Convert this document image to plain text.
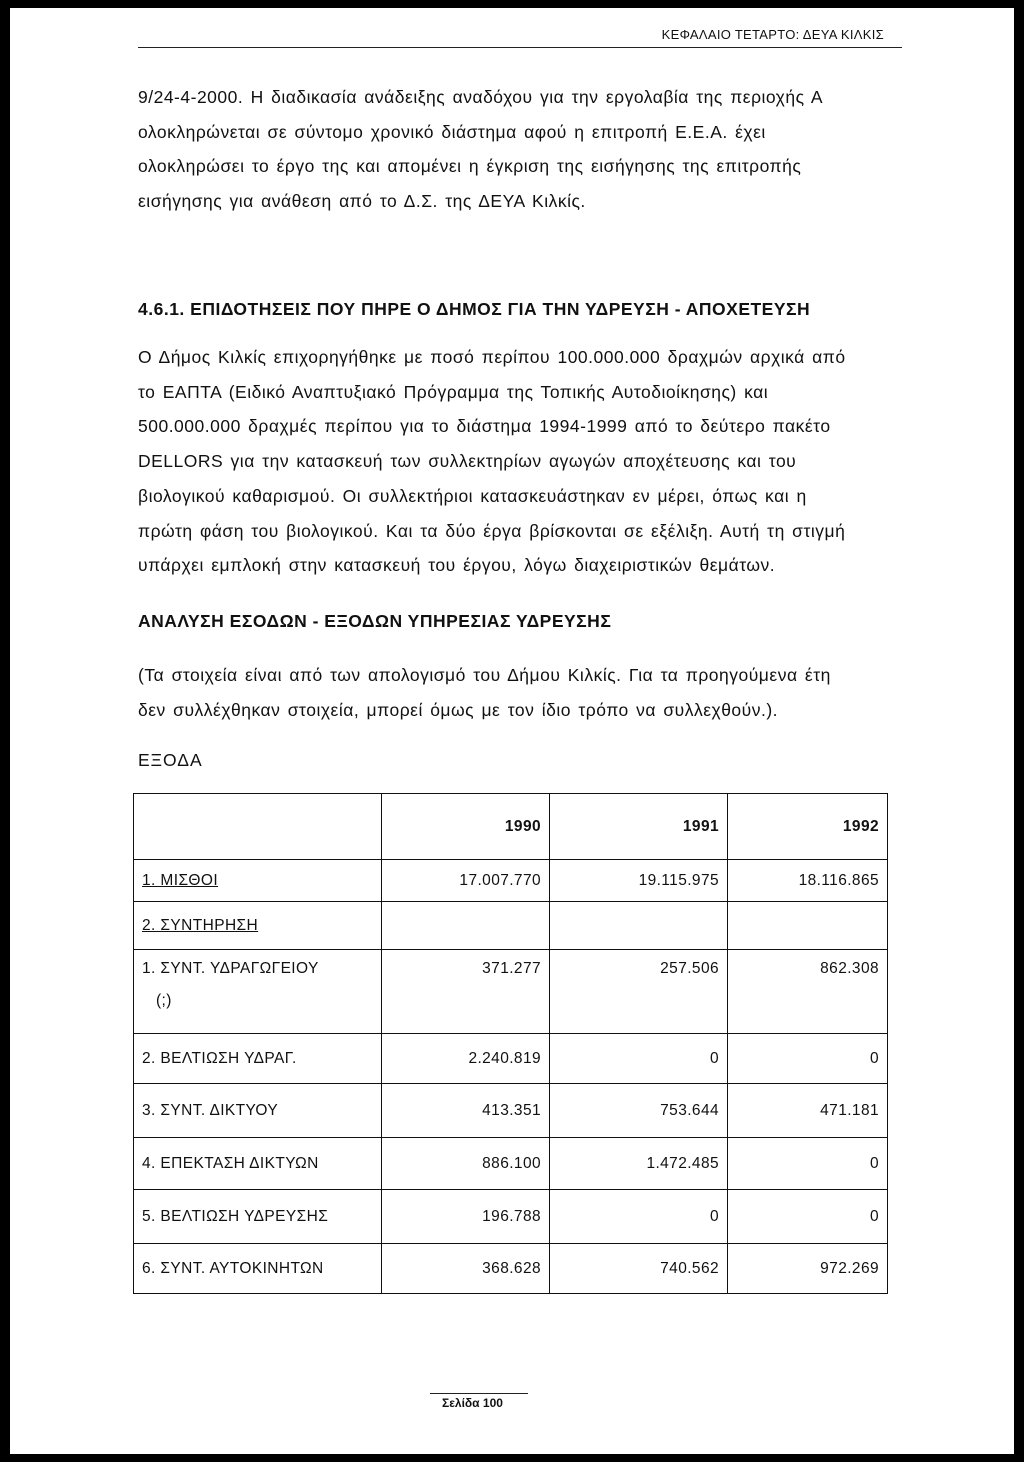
ΚΕΦΑΛΑΙΟ ΤΕΤΑΡΤΟ: ΔΕΥΑ ΚΙΛΚΙΣ

9/24-4-2000. Η διαδικασία ανάδειξης αναδόχου για την εργολαβία της περιοχής Α

ολοκληρώνεται σε σύντομο χρονικό διάστημα αφού η επιτροπή Ε.Ε.Α. έχει

ολοκληρώσει το έργο της και απομένει η έγκριση της εισήγησης της επιτροπής

εισήγησης για ανάθεση από το Δ.Σ. της ΔΕΥΑ Κιλκίς.

4.6.1. ΕΠΙΔΟΤΗΣΕΙΣ ΠΟΥ ΠΗΡΕ Ο ΔΗΜΟΣ ΓΙΑ ΤΗΝ ΥΔΡΕΥΣΗ - ΑΠΟΧΕΤΕΥΣΗ

Ο Δήμος Κιλκίς επιχορηγήθηκε με ποσό περίπου 100.000.000 δραχμών αρχικά από

το ΕΑΠΤΑ (Ειδικό Αναπτυξιακό Πρόγραμμα της Τοπικής Αυτοδιοίκησης) και

500.000.000 δραχμές περίπου για το διάστημα 1994-1999 από το δεύτερο πακέτο

DELLORS για την κατασκευή των συλλεκτηρίων αγωγών αποχέτευσης και του

βιολογικού καθαρισμού. Οι συλλεκτήριοι κατασκευάστηκαν εν μέρει, όπως και η

πρώτη φάση του βιολογικού. Και τα δύο έργα βρίσκονται σε εξέλιξη. Αυτή τη στιγμή

υπάρχει εμπλοκή στην κατασκευή του έργου, λόγω διαχειριστικών θεμάτων.

ΑΝΑΛΥΣΗ ΕΣΟΔΩΝ - ΕΞΟΔΩΝ ΥΠΗΡΕΣΙΑΣ ΥΔΡΕΥΣΗΣ

(Τα στοιχεία είναι από των απολογισμό του Δήμου Κιλκίς. Για τα προηγούμενα έτη

δεν συλλέχθηκαν στοιχεία, μπορεί όμως με τον ίδιο τρόπο να συλλεχθούν.).

ΕΞΟΔΑ
	1990	1991	1992
1. ΜΙΣΘΟΙ	17.007.770	19.115.975	18.116.865
2. ΣΥΝΤΗΡΗΣΗ			

1. ΣΥΝΤ. ΥΔΡΑΓΩΓΕΙΟΥ
(;)	371.277	257.506	862.308
2. ΒΕΛΤΙΩΣΗ ΥΔΡΑΓ.	2.240.819	0	0
3. ΣΥΝΤ. ΔΙΚΤΥΟΥ	413.351	753.644	471.181
4. ΕΠΕΚΤΑΣΗ ΔΙΚΤΥΩΝ	886.100	1.472.485	0
5. ΒΕΛΤΙΩΣΗ ΥΔΡΕΥΣΗΣ	196.788	0	0
6. ΣΥΝΤ. ΑΥΤΟΚΙΝΗΤΩΝ	368.628	740.562	972.269
Σελίδα 100
